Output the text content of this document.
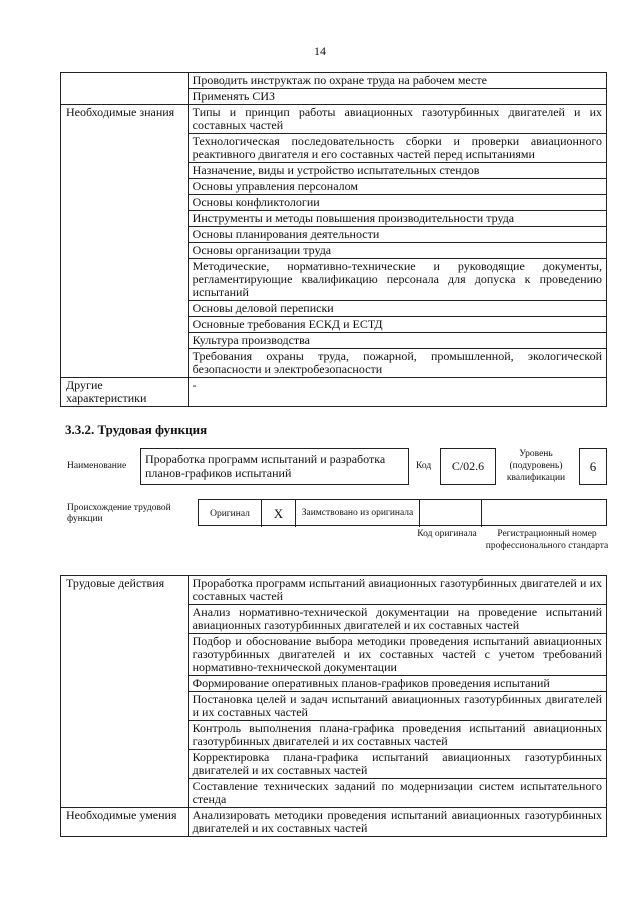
14
	Проводить инструктаж по охране труда на рабочем месте
	Применять СИЗ
Необходимые знания	Типы и принцип работы авиационных газотурбинных двигателей и их составных частей
	Технологическая последовательность сборки и проверки авиационного реактивного двигателя и его составных частей перед испытаниями
	Назначение, виды и устройство испытательных стендов
	Основы управления персоналом
	Основы конфликтологии
	Инструменты и методы повышения производительности труда
	Основы планирования деятельности
	Основы организации труда
	Методические, нормативно-технические и руководящие документы, регламентирующие квалификацию персонала для допуска к проведению испытаний
	Основы деловой переписки
	Основные требования ЕСКД и ЕСТД
	Культура производства
	Требования охраны труда, пожарной, промышленной, экологической безопасности и электробезопасности
Другие характеристики	-
3.3.2. Трудовая функция
Наименование	Проработка программ испытаний и разработка планов-графиков испытаний	Код	С/02.6
Уровень (подуровень) квалификации
6
Происхождение трудовой функции
Оригинал	X	Заимствовано из оригинала
Код оригинала	Регистрационный номер профессионального стандарта
Трудовые действия	Проработка программ испытаний авиационных газотурбинных двигателей и их составных частей
	Анализ нормативно-технической документации на проведение испытаний авиационных газотурбинных двигателей и их составных частей
	Подбор и обоснование выбора методики проведения испытаний авиационных газотурбинных двигателей и их составных частей с учетом требований нормативно-технической документации
	Формирование оперативных планов-графиков проведения испытаний
	Постановка целей и задач испытаний авиационных газотурбинных двигателей и их составных частей
	Контроль выполнения плана-графика проведения испытаний авиационных газотурбинных двигателей и их составных частей
	Корректировка плана-графика испытаний авиационных газотурбинных двигателей и их составных частей
	Составление технических заданий по модернизации систем испытательного стенда
Необходимые умения	Анализировать методики проведения испытаний авиационных газотурбинных двигателей и их составных частей
